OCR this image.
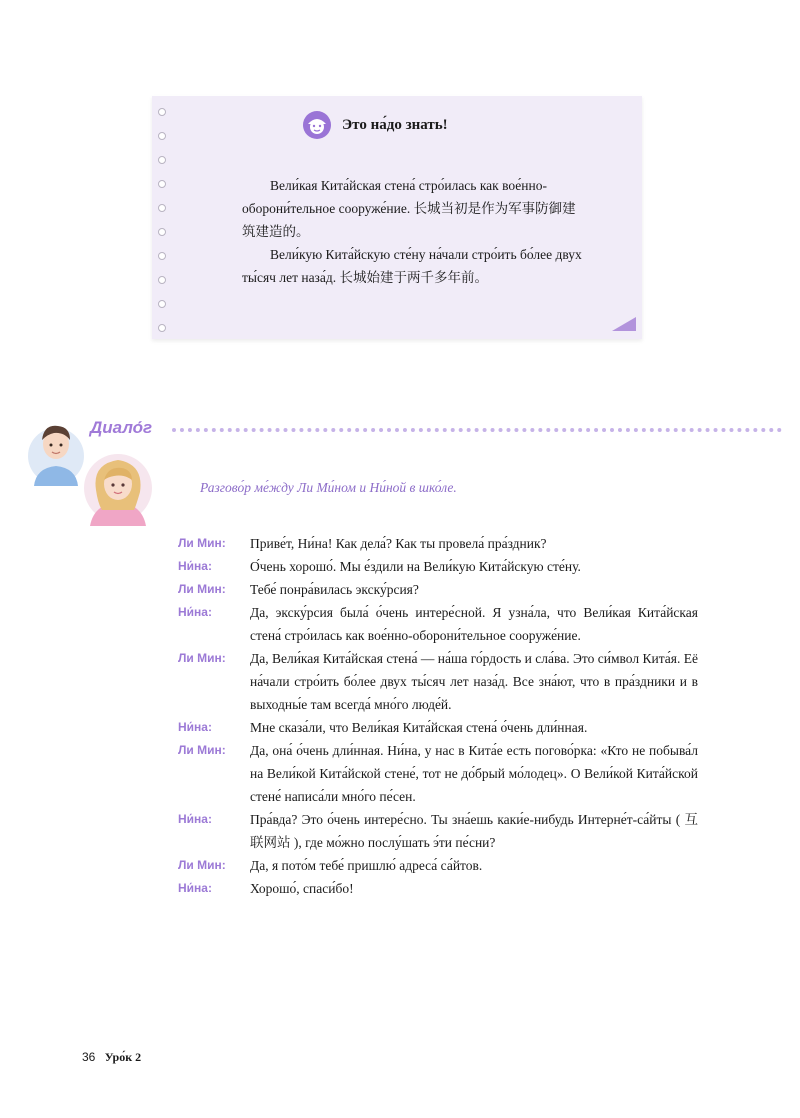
Это на́до знать!

Вели́кая Кита́йская стена́ стро́илась как вое́нно-оборони́тельное сооруже́ние. 长城当初是作为军事防御建筑建造的。

Вели́кую Кита́йскую сте́ну на́чали стро́ить бо́лее двух ты́сяч лет наза́д. 长城始建于两千多年前。

Диало́г
Разгово́р ме́жду Ли Ми́ном и Ни́ной в шко́ле.
Ли Мин:	Приве́т, Ни́на! Как дела́? Как ты провела́ пра́здник?
Ни́на:	О́чень хорошо́. Мы е́здили на Вели́кую Кита́йскую сте́ну.
Ли Мин:	Тебе́ понра́вилась экску́рсия?
Ни́на:	Да, экску́рсия была́ о́чень интере́сной. Я узна́ла, что Вели́кая Кита́йская стена́ стро́илась как вое́нно-оборони́тельное сооруже́ние.
Ли Мин:	Да, Вели́кая Кита́йская стена́ — на́ша го́рдость и сла́ва. Это си́мвол Кита́я. Её на́чали стро́ить бо́лее двух ты́сяч лет наза́д. Все зна́ют, что в пра́здники и в выходны́е там всегда́ мно́го люде́й.
Ни́на:	Мне сказа́ли, что Вели́кая Кита́йская стена́ о́чень дли́нная.
Ли Мин:	Да, она́ о́чень дли́нная. Ни́на, у нас в Кита́е есть погово́рка: «Кто не побыва́л на Вели́кой Кита́йской стене́, тот не до́брый мо́лодец». О Вели́кой Кита́йской стене́ написа́ли мно́го пе́сен.
Ни́на:	Пра́вда? Это о́чень интере́сно. Ты зна́ешь каки́е-нибудь Интерне́т-са́йты ( 互联网站 ), где мо́жно послу́шать э́ти пе́сни?
Ли Мин:	Да, я пото́м тебе́ пришлю́ адреса́ са́йтов.
Ни́на:	Хорошо́, спаси́бо!
36 Уро́к 2
